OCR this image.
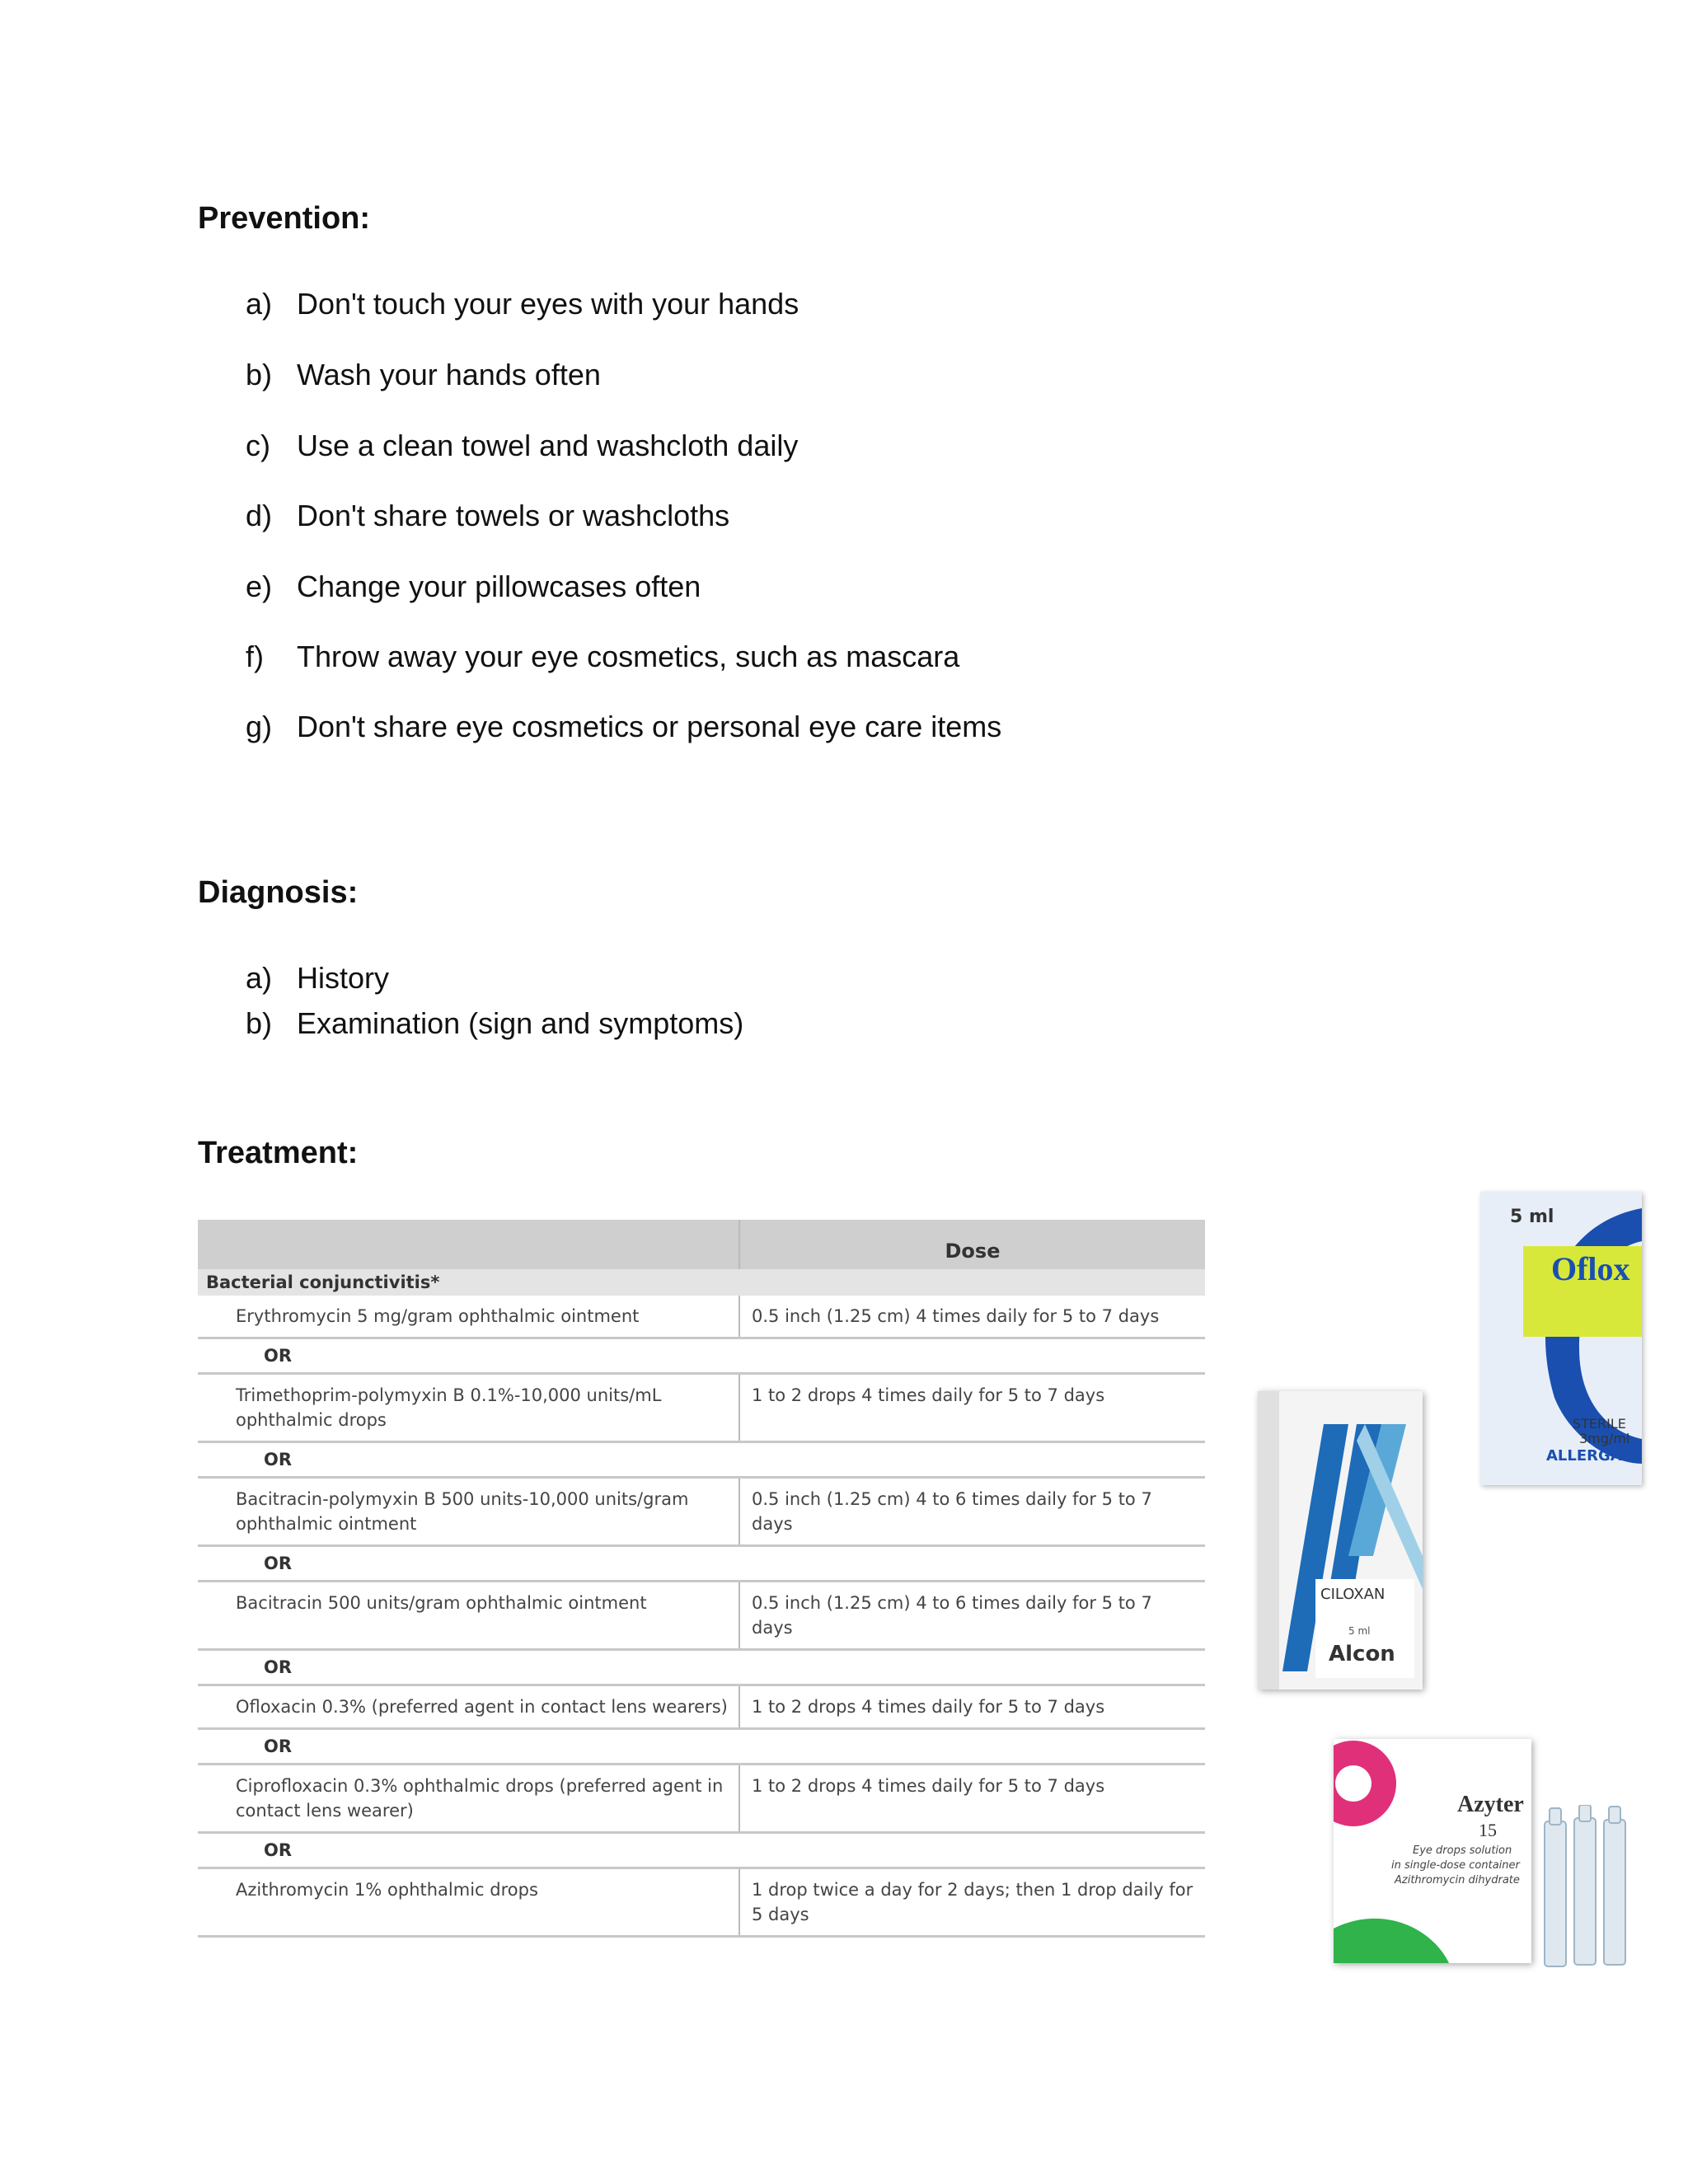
Prevention:
a) Don't touch your eyes with your hands
b) Wash your hands often
c) Use a clean towel and washcloth daily
d) Don't share towels or washcloths
e) Change your pillowcases often
f)	Throw away your eye cosmetics, such as mascara
g) Don't share eye cosmetics or personal eye care items
Diagnosis:
a) History
b) Examination (sign and symptoms)
Treatment:
	Dose
Bacterial conjunctivitis*	
Erythromycin 5 mg/gram ophthalmic ointment	0.5 inch (1.25 cm) 4 times daily for 5 to 7 days
OR	
Trimethoprim-polymyxin B 0.1%-10,000 units/mL ophthalmic drops	1 to 2 drops 4 times daily for 5 to 7 days
OR	
Bacitracin-polymyxin B 500 units-10,000 units/gram ophthalmic ointment	0.5 inch (1.25 cm) 4 to 6 times daily for 5 to 7 days
OR	
Bacitracin 500 units/gram ophthalmic ointment	0.5 inch (1.25 cm) 4 to 6 times daily for 5 to 7 days
OR	
Ofloxacin 0.3% (preferred agent in contact lens wearers)	1 to 2 drops 4 times daily for 5 to 7 days
OR	
Ciprofloxacin 0.3% ophthalmic drops (preferred agent in contact lens wearer)	1 to 2 drops 4 times daily for 5 to 7 days
OR	
Azithromycin 1% ophthalmic drops	1 drop twice a day for 2 days; then 1 drop daily for 5 days
5 ml
Oflox
STERILE
3mg/ml
ALLERGAN
CILOXAN
5 ml
Alcon
Azyter
15
Eye drops solution
in single-dose container
Azithromycin dihydrate
